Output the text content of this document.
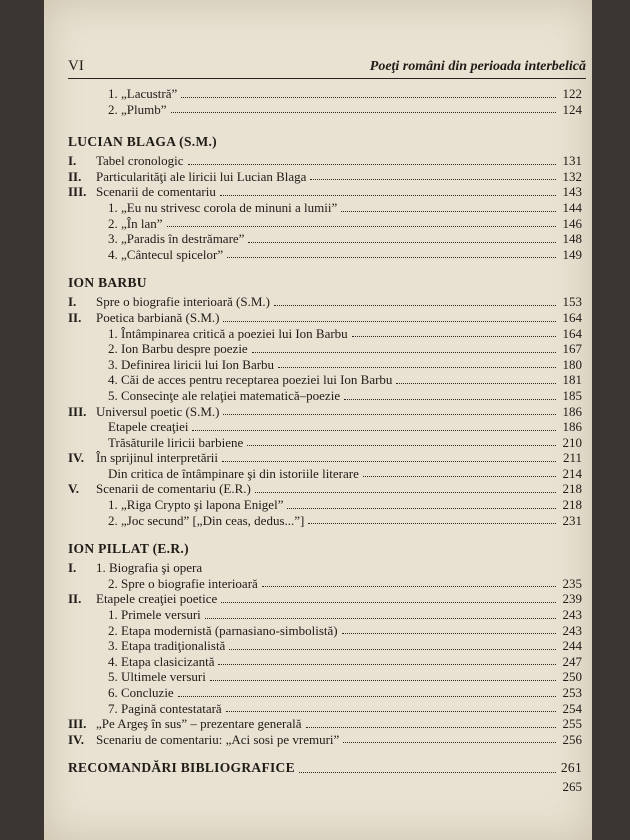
VI	Poeţi români din perioada interbelică
1. „Lacustră”	122
2. „Plumb”	124
LUCIAN BLAGA (S.M.)
I.	Tabel cronologic	131
II.	Particularităţi ale liricii lui Lucian Blaga	132
III. Scenarii de comentariu	143
1. „Eu nu strivesc corola de minuni a lumii”	144
2. „În lan”	146
3. „Paradis în destrămare”	148
4. „Cântecul spicelor”	149
ION BARBU
I.	Spre o biografie interioară (S.M.)	153
II.	Poetica barbiană (S.M.)	164
1. Întâmpinarea critică a poeziei lui Ion Barbu	164
2. Ion Barbu despre poezie	167
3. Definirea liricii lui Ion Barbu	180
4. Căi de acces pentru receptarea poeziei lui Ion Barbu	181
5. Consecinţe ale relaţiei matematică–poezie	185
III. Universul poetic (S.M.)	186
Etapele creaţiei	186
Trăsăturile liricii barbiene	210
IV. În sprijinul interpretării	211
Din critica de întâmpinare şi din istoriile literare	214
V.	Scenarii de comentariu (E.R.)	218
1. „Riga Crypto şi lapona Enigel”	218
2. „Joc secund” [„Din ceas, dedus...”]	231
ION PILLAT (E.R.)
I.	1. Biografia şi opera
2. Spre o biografie interioară	235
II.	Etapele creaţiei poetice	239
1. Primele versuri	243
2. Etapa modernistă (parnasiano-simbolistă)	243
3. Etapa tradiţionalistă	244
4. Etapa clasicizantă	247
5. Ultimele versuri	250
6. Concluzie	253
7. Pagină contestatară	254
III. „Pe Argeş în sus” – prezentare generală	255
IV. Scenariu de comentariu: „Aci sosi pe vremuri”	256
RECOMANDĂRI BIBLIOGRAFICE	261
265
